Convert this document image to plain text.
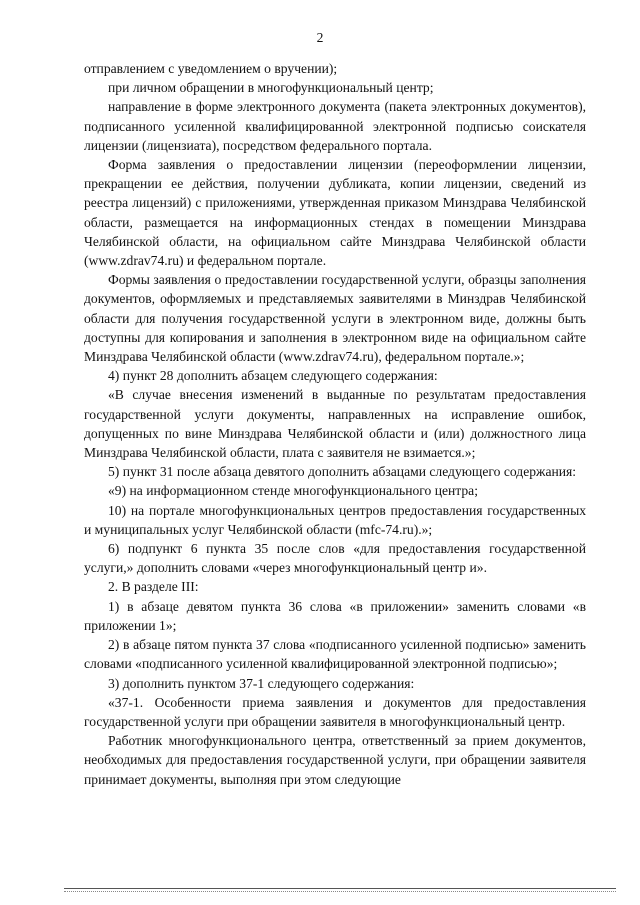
2

отправлением с уведомлением о вручении);

при личном обращении в многофункциональный центр;

направление в форме электронного документа (пакета электронных документов), подписанного усиленной квалифицированной электронной подписью соискателя лицензии (лицензиата), посредством федерального портала.

Форма заявления о предоставлении лицензии (переоформлении лицензии, прекращении ее действия, получении дубликата, копии лицензии, сведений из реестра лицензий) с приложениями, утвержденная приказом Минздрава Челябинской области, размещается на информационных стендах в помещении Минздрава Челябинской области, на официальном сайте Минздрава Челябинской области (www.zdrav74.ru) и федеральном портале.

Формы заявления о предоставлении государственной услуги, образцы заполнения документов, оформляемых и представляемых заявителями в Минздрав Челябинской области для получения государственной услуги в электронном виде, должны быть доступны для копирования и заполнения в электронном виде на официальном сайте Минздрава Челябинской области (www.zdrav74.ru), федеральном портале.»;

4) пункт 28 дополнить абзацем следующего содержания:

«В случае внесения изменений в выданные по результатам предоставления государственной услуги документы, направленных на исправление ошибок, допущенных по вине Минздрава Челябинской области и (или) должностного лица Минздрава Челябинской области, плата с заявителя не взимается.»;

5) пункт 31 после абзаца девятого дополнить абзацами следующего содержания:

«9) на информационном стенде многофункционального центра;

10) на портале многофункциональных центров предоставления государственных и муниципальных услуг Челябинской области (mfc-74.ru).»;

6) подпункт 6 пункта 35 после слов «для предоставления государственной услуги,» дополнить словами «через многофункциональный центр и».

2. В разделе III:

1) в абзаце девятом пункта 36 слова «в приложении» заменить словами «в приложении 1»;

2) в абзаце пятом пункта 37 слова «подписанного усиленной подписью» заменить словами «подписанного усиленной квалифицированной электронной подписью»;

3) дополнить пунктом 37-1 следующего содержания:

«37-1. Особенности приема заявления и документов для предоставления государственной услуги при обращении заявителя в многофункциональный центр.

Работник многофункционального центра, ответственный за прием документов, необходимых для предоставления государственной услуги, при обращении заявителя принимает документы, выполняя при этом следующие
